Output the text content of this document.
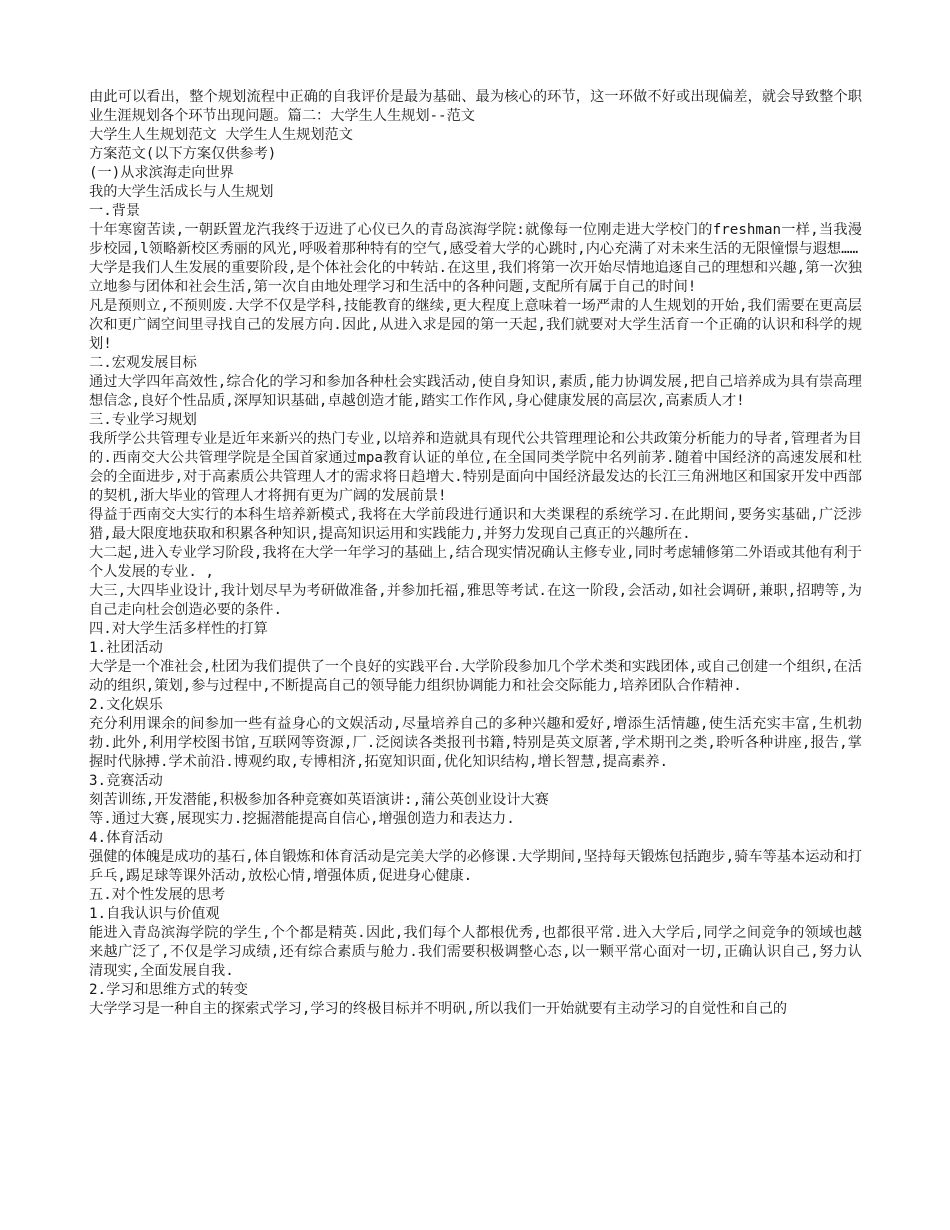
由此可以看出，整个规划流程中正确的自我评价是最为基础、最为核心的环节，这一环做不好或出现偏差，就会导致整个职业生涯规划各个环节出现问题。篇二：大学生人生规划--范文

大学生人生规划范文 大学生人生规划范文

方案范文(以下方案仅供参考)

(一)从求滨海走向世界

我的大学生活成长与人生规划

一.背景

十年寒窗苦读,一朝跃置龙汽我终于迈进了心仪已久的青岛滨海学院:就像每一位刚走进大学校门的freshman一样,当我漫步校园,l领略新校区秀丽的风光,呼吸着那种特有的空气,感受着大学的心跳时,内心充满了对未来生活的无限憧憬与遐想……

大学是我们人生发展的重要阶段,是个体社会化的中转站.在这里,我们将第一次开始尽情地追逐自己的理想和兴趣,第一次独立地参与团体和社会生活,第一次自由地处理学习和生活中的各种问题,支配所有属于自己的时间!

凡是预则立,不预则废.大学不仅是学科,技能教育的继续,更大程度上意味着一场严肃的人生规划的开始,我们需要在更高层次和更广阔空间里寻找自己的发展方向.因此,从进入求是园的第一天起,我们就要对大学生活育一个正确的认识和科学的规划!

二.宏观发展目标

通过大学四年高效性,综合化的学习和参加各种杜会实践活动,使自身知识,素质,能力协调发展,把自己培养成为具有崇高理想信念,良好个性品质,深厚知识基础,卓越创造才能,踏实工作作风,身心健康发展的高层次,高素质人才!

三.专业学习规划

我所学公共管理专业是近年来新兴的热门专业,以培养和造就具有现代公共管理理论和公共政策分析能力的导者,管理者为目的.西南交大公共管理学院是全国首家通过mpa教育认证的单位,在全国同类学院中名列前茅.随着中国经济的高速发展和杜会的全面进步,对于高素质公共管理人才的需求将日趋增大.特别是面向中国经济最发达的长江三角洲地区和国家开发中西部的契机,浙大毕业的管理人才将拥有更为广阔的发展前景!

得益于西南交大实行的本科生培养新模式,我将在大学前段进行通识和大类课程的系统学习.在此期间,要务实基础,广泛涉猎,最大限度地获取和积累各种知识,提高知识运用和实践能力,并努力发现自己真正的兴趣所在.

大二起,进入专业学习阶段,我将在大学一年学习的基础上,结合现实情况确认主修专业,同时考虑辅修第二外语或其他有利于个人发展的专业. ,

大三,大四毕业设计,我计划尽早为考研做准备,并参加托福,雅思等考试.在这一阶段,会活动,如社会调研,兼职,招聘等,为自己走向杜会创造必要的条件.

四.对大学生活多样性的打算

1.社团活动

大学是一个准社会,杜团为我们提供了一个良好的实践平台.大学阶段参加几个学术类和实践团体,或自己创建一个组织,在活动的组织,策划,参与过程中,不断提高自己的领导能力组织协调能力和社会交际能力,培养团队合作精神.

2.文化娱乐

充分利用课余的间参加一些有益身心的文娱活动,尽量培养自己的多种兴趣和爱好,增添生活情趣,使生活充实丰富,生机勃勃.此外,利用学校图书馆,互联网等资源,厂.泛阅读各类报刊书籍,特别是英文原著,学术期刊之类,聆听各种讲座,报告,掌握时代脉搏.学术前沿.博观约取,专博相济,拓宽知识面,优化知识结构,增长智慧,提高素养.

3.竞赛活动

刻苦训练,开发潜能,积极参加各种竞赛如英语演讲:,蒲公英创业设计大赛

等.通过大赛,展现实力.挖掘潜能提高自信心,增强创造力和表达力.

4.体育活动

强健的体魄是成功的基石,体自锻炼和体育活动是完美大学的必修课.大学期间,坚持每天锻炼包括跑步,骑车等基本运动和打乒乓,踢足球等课外活动,放松心情,增强体质,促进身心健康.

五.对个性发展的思考

1.自我认识与价值观

能进入青岛滨海学院的学生,个个都是精英.因此,我们每个人都根优秀,也都很平常.进入大学后,同学之间竞争的领域也越来越广泛了,不仅是学习成绩,还有综合素质与舱力.我们需要积极调整心态,以一颗平常心面对一切,正确认识自己,努力认清现实,全面发展自我.

2.学习和思维方式的转变

大学学习是一种自主的探索式学习,学习的终极目标并不明矾,所以我们一开始就要有主动学习的自觉性和自己的
